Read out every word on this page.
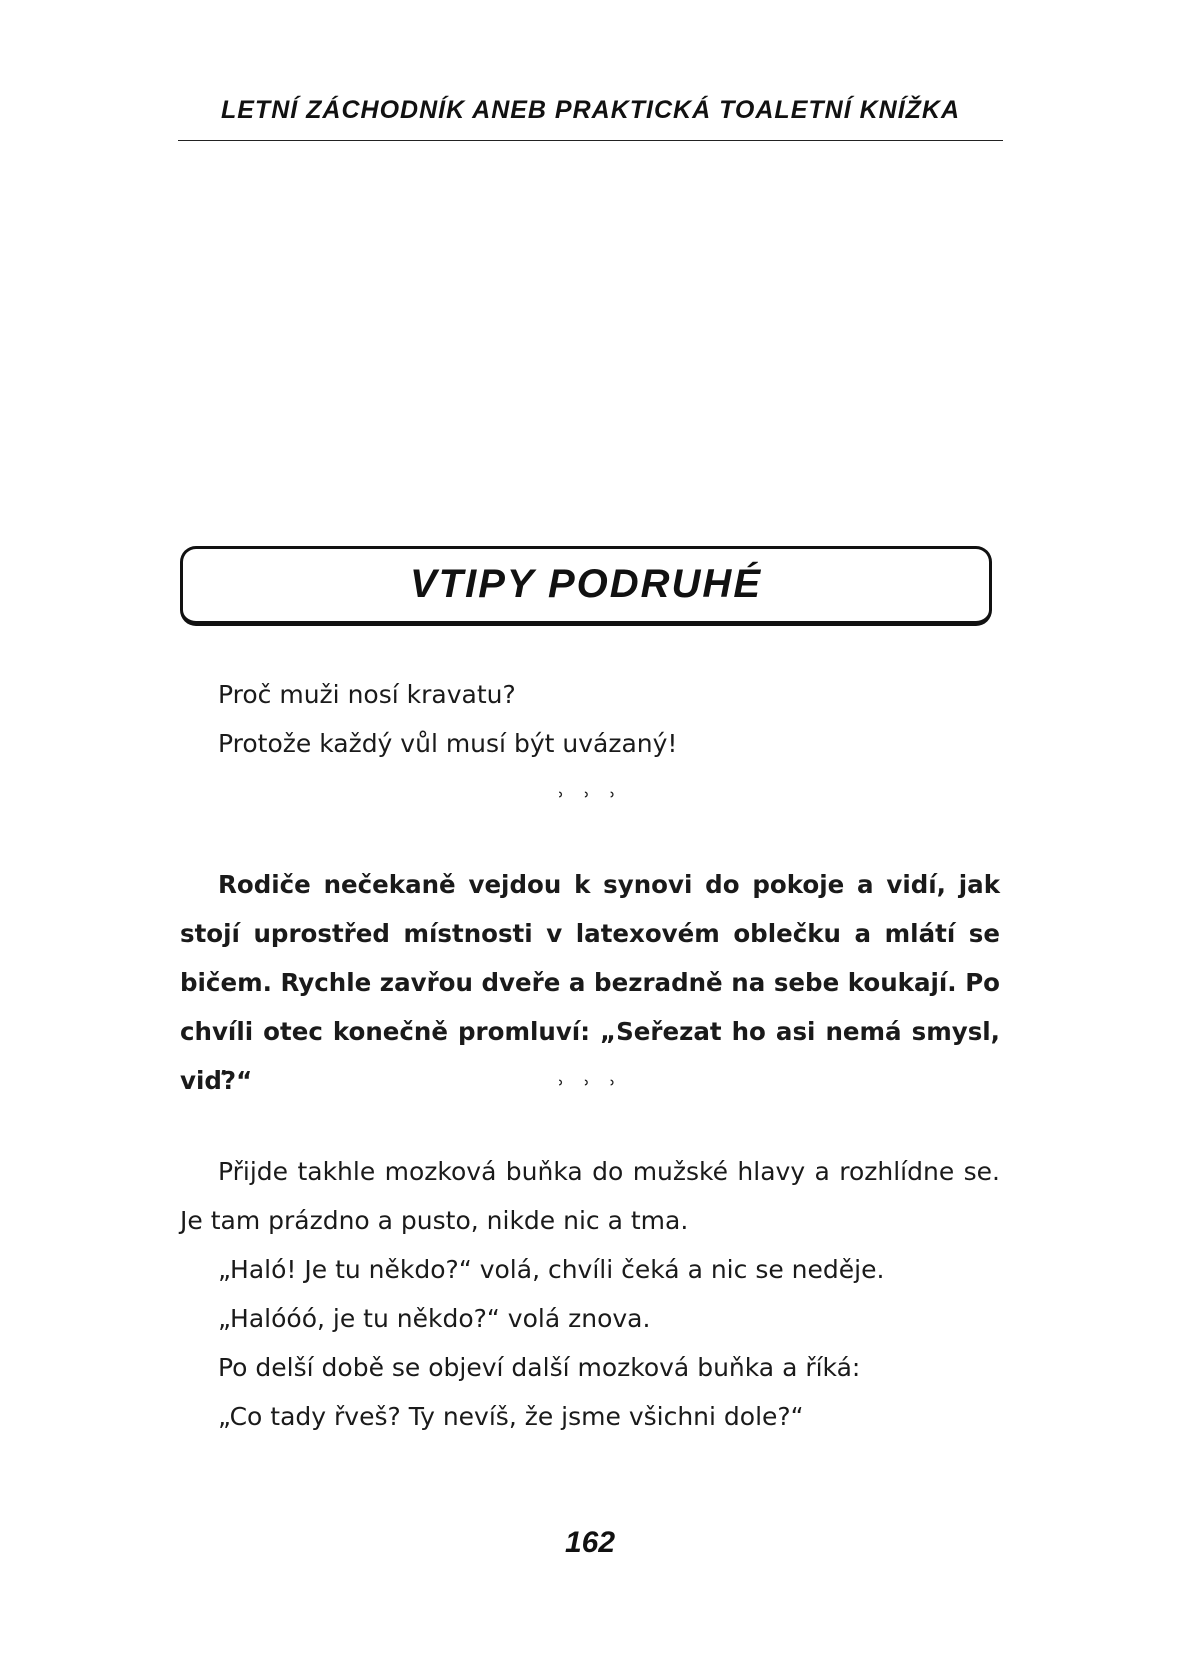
LETNÍ ZÁCHODNÍK ANEB PRAKTICKÁ TOALETNÍ KNÍŽKA
VTIPY PODRUHÉ

Proč muži nosí kravatu?

Protože každý vůl musí být uvázaný!

˒ ˒ ˒

Rodiče nečekaně vejdou k synovi do pokoje a vidí, jak stojí uprostřed místnosti v latexovém oblečku a mlátí se bičem. Rychle zavřou dveře a bezradně na sebe koukají. Po chvíli otec konečně promluví: „Seřezat ho asi nemá smysl, viď?“	˒ ˒ ˒

Přijde takhle mozková buňka do mužské hlavy a rozhlídne se. Je tam prázdno a pusto, nikde nic a tma.

„Haló! Je tu někdo?“ volá, chvíli čeká a nic se neděje.

„Halóóó, je tu někdo?“ volá znova.

Po delší době se objeví další mozková buňka a říká:

„Co tady řveš? Ty nevíš, že jsme všichni dole?“

162
